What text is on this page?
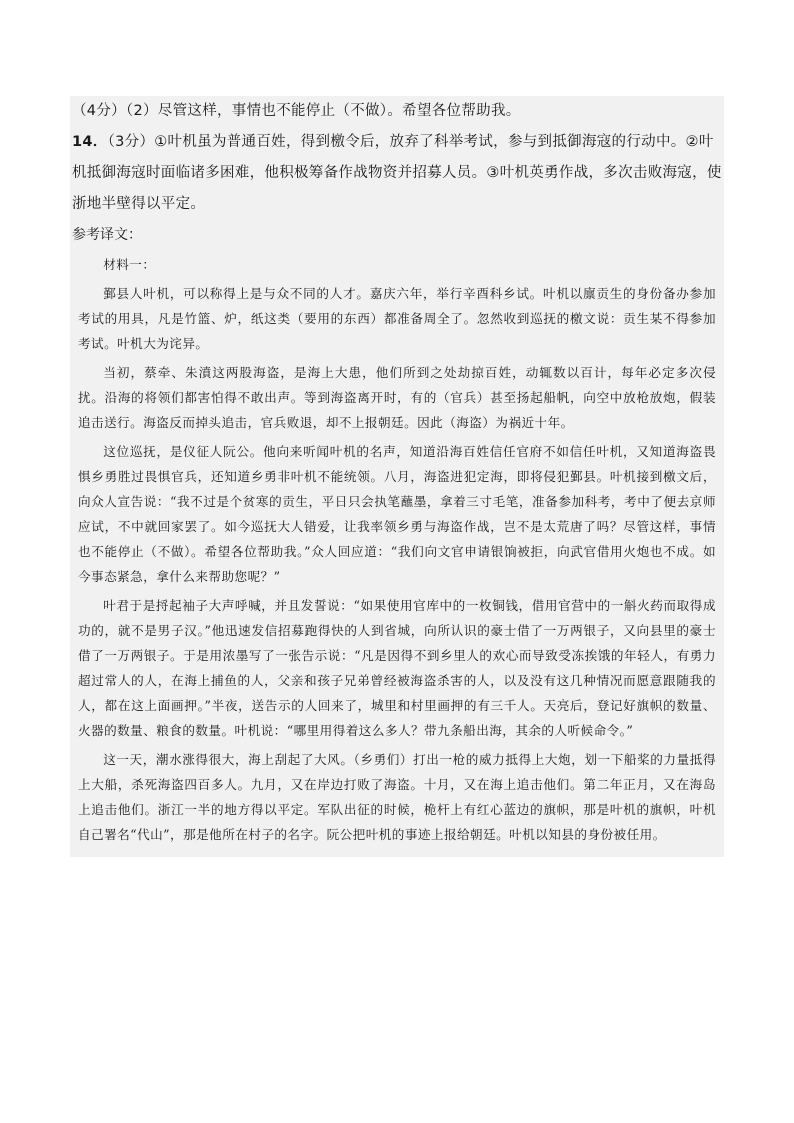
（4分）（2）尽管这样，事情也不能停止（不做）。希望各位帮助我。
14．（3分）①叶机虽为普通百姓，得到檄令后，放弃了科举考试，参与到抵御海寇的行动中。②叶机抵御海寇时面临诸多困难，他积极筹备作战物资并招募人员。③叶机英勇作战，多次击败海寇，使浙地半壁得以平定。
参考译文：
材料一：

鄞县人叶机，可以称得上是与众不同的人才。嘉庆六年，举行辛酉科乡试。叶机以廪贡生的身份备办参加考试的用具，凡是竹篮、炉，纸这类（要用的东西）都准备周全了。忽然收到巡抚的檄文说：贡生某不得参加考试。叶机大为诧异。

当初，蔡牵、朱濆这两股海盗，是海上大患，他们所到之处劫掠百姓，动辄数以百计，每年必定多次侵扰。沿海的将领们都害怕得不敢出声。等到海盗离开时，有的（官兵）甚至扬起船帆，向空中放枪放炮，假装追击送行。海盗反而掉头追击，官兵败退，却不上报朝廷。因此（海盗）为祸近十年。

这位巡抚，是仪征人阮公。他向来听闻叶机的名声，知道沿海百姓信任官府不如信任叶机，又知道海盗畏惧乡勇胜过畏惧官兵，还知道乡勇非叶机不能统领。八月，海盗进犯定海，即将侵犯鄞县。叶机接到檄文后，向众人宣告说：“我不过是个贫寒的贡生，平日只会执笔蘸墨，拿着三寸毛笔，准备参加科考，考中了便去京师应试，不中就回家罢了。如今巡抚大人错爱，让我率领乡勇与海盗作战，岂不是太荒唐了吗？尽管这样，事情也不能停止（不做）。希望各位帮助我。”众人回应道：“我们向文官申请银饷被拒，向武官借用火炮也不成。如今事态紧急，拿什么来帮助您呢？”

叶君于是捋起袖子大声呼喊，并且发誓说：“如果使用官库中的一枚铜钱，借用官营中的一斛火药而取得成功的，就不是男子汉。”他迅速发信招募跑得快的人到省城，向所认识的豪士借了一万两银子，又向县里的豪士借了一万两银子。于是用浓墨写了一张告示说：“凡是因得不到乡里人的欢心而导致受冻挨饿的年轻人，有勇力超过常人的人，在海上捕鱼的人，父亲和孩子兄弟曾经被海盗杀害的人，以及没有这几种情况而愿意跟随我的人，都在这上面画押。”半夜，送告示的人回来了，城里和村里画押的有三千人。天亮后，登记好旗帜的数量、火器的数量、粮食的数量。叶机说：“哪里用得着这么多人？带九条船出海，其余的人听候命令。”

这一天，潮水涨得很大，海上刮起了大风。（乡勇们）打出一枪的威力抵得上大炮，划一下船桨的力量抵得上大船，杀死海盗四百多人。九月，又在岸边打败了海盗。十月，又在海上追击他们。第二年正月，又在海岛上追击他们。浙江一半的地方得以平定。军队出征的时候，桅杆上有红心蓝边的旗帜，那是叶机的旗帜，叶机自己署名“代山”，那是他所在村子的名字。阮公把叶机的事迹上报给朝廷。叶机以知县的身份被任用。
